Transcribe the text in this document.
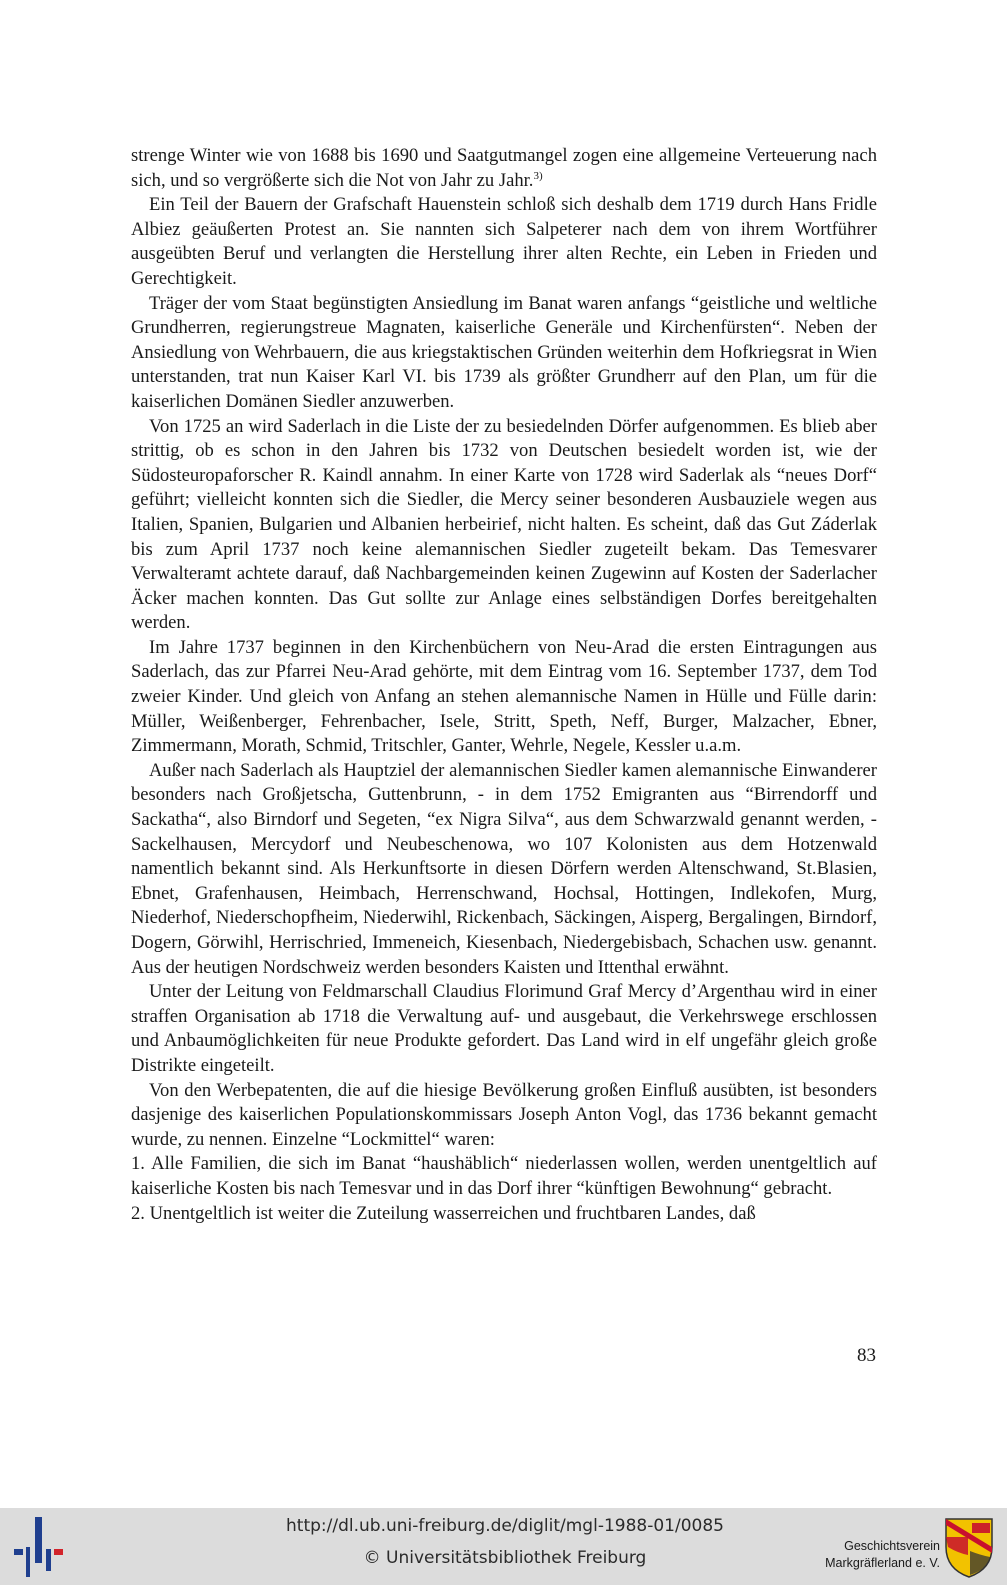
strenge Winter wie von 1688 bis 1690 und Saatgutmangel zogen eine allgemeine Verteuerung nach sich, und so vergrößerte sich die Not von Jahr zu Jahr.$^{3)}$

Ein Teil der Bauern der Grafschaft Hauenstein schloß sich deshalb dem 1719 durch Hans Fridle Albiez geäußerten Protest an. Sie nannten sich Salpeterer nach dem von ihrem Wortführer ausgeübten Beruf und verlangten die Herstellung ihrer alten Rechte, ein Leben in Frieden und Gerechtigkeit.

Träger der vom Staat begünstigten Ansiedlung im Banat waren anfangs “geistliche und weltliche Grundherren, regierungstreue Magnaten, kaiserliche Generäle und Kirchenfürsten“. Neben der Ansiedlung von Wehrbauern, die aus kriegstaktischen Gründen weiterhin dem Hofkriegsrat in Wien unterstanden, trat nun Kaiser Karl VI. bis 1739 als größter Grundherr auf den Plan, um für die kaiserlichen Domänen Siedler anzuwerben.

Von 1725 an wird Saderlach in die Liste der zu besiedelnden Dörfer aufgenommen. Es blieb aber strittig, ob es schon in den Jahren bis 1732 von Deutschen besiedelt worden ist, wie der Südosteuropaforscher R. Kaindl annahm. In einer Karte von 1728 wird Saderlak als “neues Dorf“ geführt; vielleicht konnten sich die Siedler, die Mercy seiner besonderen Ausbauziele wegen aus Italien, Spanien, Bulgarien und Albanien herbeirief, nicht halten. Es scheint, daß das Gut Záderlak bis zum April 1737 noch keine alemannischen Siedler zugeteilt bekam. Das Temesvarer Verwalteramt achtete darauf, daß Nachbargemeinden keinen Zugewinn auf Kosten der Saderlacher Äcker machen konnten. Das Gut sollte zur Anlage eines selbständigen Dorfes bereitgehalten werden.

Im Jahre 1737 beginnen in den Kirchenbüchern von Neu-Arad die ersten Eintragungen aus Saderlach, das zur Pfarrei Neu-Arad gehörte, mit dem Eintrag vom 16. September 1737, dem Tod zweier Kinder. Und gleich von Anfang an stehen alemannische Namen in Hülle und Fülle darin: Müller, Weißenberger, Fehrenbacher, Isele, Stritt, Speth, Neff, Burger, Malzacher, Ebner, Zimmermann, Morath, Schmid, Tritschler, Ganter, Wehrle, Negele, Kessler u.a.m.

Außer nach Saderlach als Hauptziel der alemannischen Siedler kamen alemannische Einwanderer besonders nach Großjetscha, Guttenbrunn, - in dem 1752 Emigranten aus “Birrendorff und Sackatha“, also Birndorf und Segeten, “ex Nigra Silva“, aus dem Schwarzwald genannt werden, - Sackelhausen, Mercydorf und Neubeschenowa, wo 107 Kolonisten aus dem Hotzenwald namentlich bekannt sind. Als Herkunftsorte in diesen Dörfern werden Altenschwand, St.Blasien, Ebnet, Grafenhausen, Heimbach, Herrenschwand, Hochsal, Hottingen, Indlekofen, Murg, Niederhof, Niederschopfheim, Niederwihl, Rickenbach, Säckingen, Aisperg, Bergalingen, Birndorf, Dogern, Görwihl, Herrischried, Immeneich, Kiesenbach, Niedergebisbach, Schachen usw. genannt. Aus der heutigen Nordschweiz werden besonders Kaisten und Ittenthal erwähnt.

Unter der Leitung von Feldmarschall Claudius Florimund Graf Mercy d’Argenthau wird in einer straffen Organisation ab 1718 die Verwaltung auf- und ausgebaut, die Verkehrswege erschlossen und Anbaumöglichkeiten für neue Produkte gefordert. Das Land wird in elf ungefähr gleich große Distrikte eingeteilt.

Von den Werbepatenten, die auf die hiesige Bevölkerung großen Einfluß ausübten, ist besonders dasjenige des kaiserlichen Populationskommissars Joseph Anton Vogl, das 1736 bekannt gemacht wurde, zu nennen. Einzelne “Lockmittel“ waren:

1. Alle Familien, die sich im Banat “haushäblich“ niederlassen wollen, werden unentgeltlich auf kaiserliche Kosten bis nach Temesvar und in das Dorf ihrer “künftigen Bewohnung“ gebracht.

2. Unentgeltlich ist weiter die Zuteilung wasserreichen und fruchtbaren Landes, daß

83
http://dl.ub.uni-freiburg.de/diglit/mgl-1988-01/0085
© Universitätsbibliothek Freiburg
Geschichtsverein
Markgräflerland e. V.
